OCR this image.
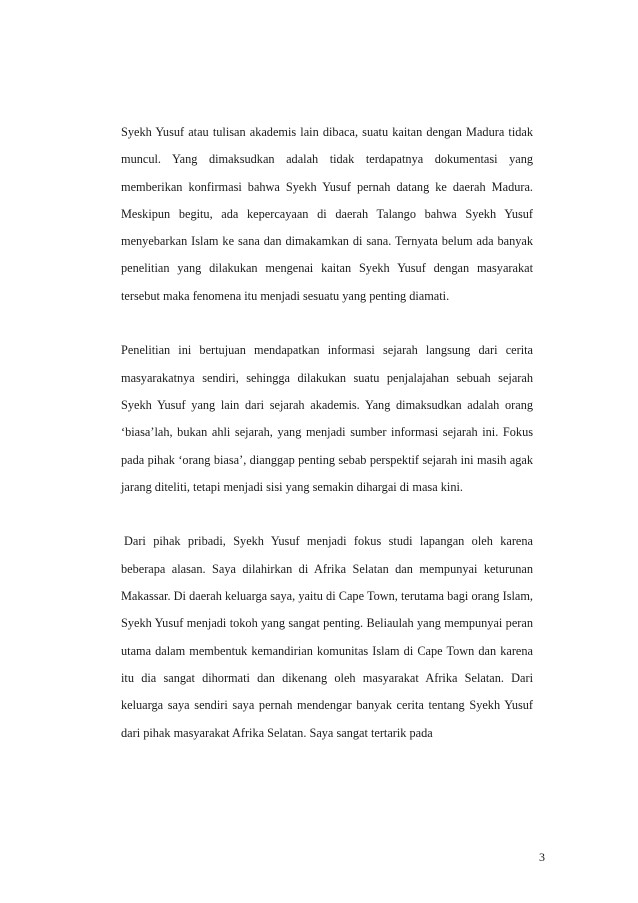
Syekh Yusuf atau tulisan akademis lain dibaca, suatu kaitan dengan Madura tidak muncul. Yang dimaksudkan adalah tidak terdapatnya dokumentasi yang memberikan konfirmasi bahwa Syekh Yusuf pernah datang ke daerah Madura. Meskipun begitu, ada kepercayaan di daerah Talango bahwa Syekh Yusuf menyebarkan Islam ke sana dan dimakamkan di sana. Ternyata belum ada banyak penelitian yang dilakukan mengenai kaitan Syekh Yusuf dengan masyarakat tersebut maka fenomena itu menjadi sesuatu yang penting diamati.

Penelitian ini bertujuan mendapatkan informasi sejarah langsung dari cerita masyarakatnya sendiri, sehingga dilakukan suatu penjalajahan sebuah sejarah Syekh Yusuf yang lain dari sejarah akademis. Yang dimaksudkan adalah orang ‘biasa’lah, bukan ahli sejarah, yang menjadi sumber informasi sejarah ini. Fokus pada pihak ‘orang biasa’, dianggap penting sebab perspektif sejarah ini masih agak jarang diteliti, tetapi menjadi sisi yang semakin dihargai di masa kini.

Dari pihak pribadi, Syekh Yusuf menjadi fokus studi lapangan oleh karena beberapa alasan. Saya dilahirkan di Afrika Selatan dan mempunyai keturunan Makassar. Di daerah keluarga saya, yaitu di Cape Town, terutama bagi orang Islam, Syekh Yusuf menjadi tokoh yang sangat penting. Beliaulah yang mempunyai peran utama dalam membentuk kemandirian komunitas Islam di Cape Town dan karena itu dia sangat dihormati dan dikenang oleh masyarakat Afrika Selatan. Dari keluarga saya sendiri saya pernah mendengar banyak cerita tentang Syekh Yusuf dari pihak masyarakat Afrika Selatan. Saya sangat tertarik pada

3
